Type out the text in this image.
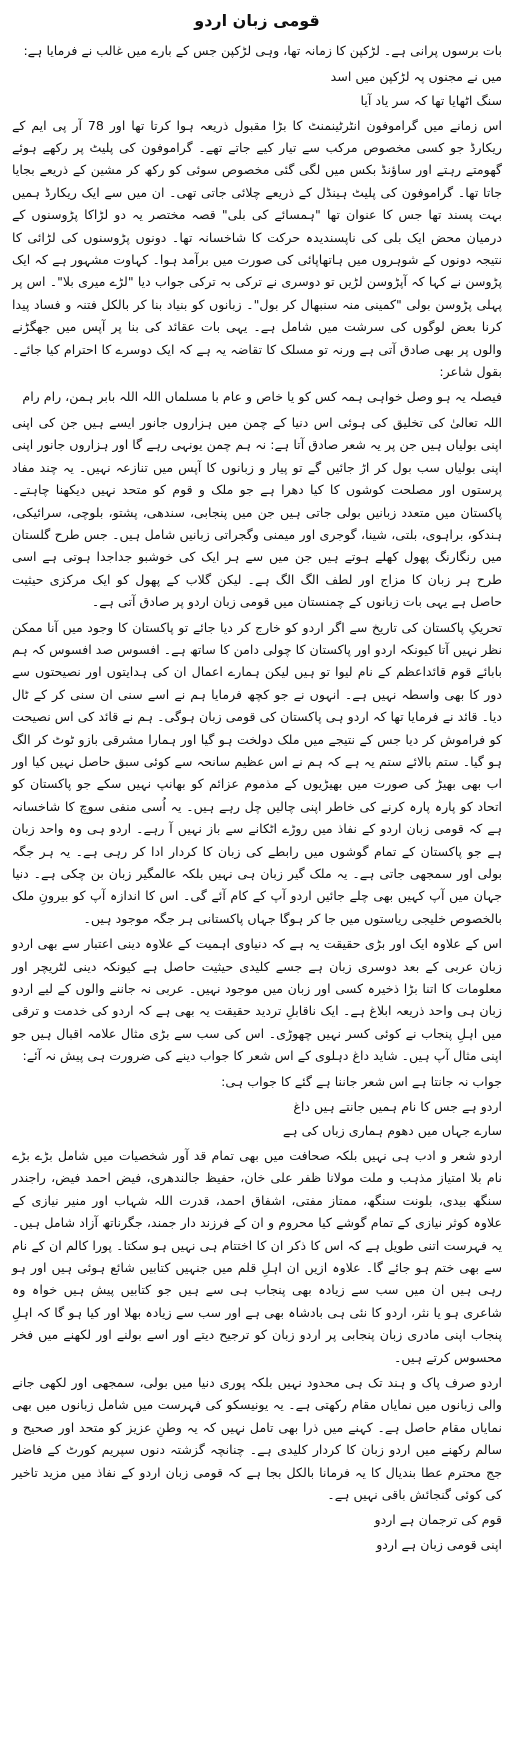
قومی زبان اردو

بات برسوں پرانی ہے۔ لڑکپن کا زمانہ تھا، وہی لڑکپن جس کے بارے میں غالب نے فرمایا ہے:

میں نے مجنوں پہ لڑکپن میں اسد
سنگ اٹھایا تھا کہ سر یاد آیا

اس زمانے میں گراموفون انٹرٹینمنٹ کا بڑا مقبول ذریعہ ہوا کرتا تھا اور 78 آر پی ایم کے ریکارڈ جو کسی مخصوص مرکب سے تیار کیے جاتے تھے۔ گراموفون کی پلیٹ پر رکھے ہوئے گھومتے رہتے اور ساؤنڈ بکس میں لگی گئی مخصوص سوئی کو رکھ کر مشین کے ذریعے بجایا جاتا تھا۔ گراموفون کی پلیٹ ہینڈل کے ذریعے چلائی جاتی تھی۔ ان میں سے ایک ریکارڈ ہمیں بہت پسند تھا جس کا عنوان تھا "ہمسائے کی بلی" قصہ مختصر یہ دو لڑاکا پڑوسنوں کے درمیان محض ایک بلی کی ناپسندیدہ حرکت کا شاخسانہ تھا۔ دونوں پڑوسنوں کی لڑائی کا نتیجہ دونوں کے شوہروں میں ہاتھاپائی کی صورت میں برآمد ہوا۔ کہاوت مشہور ہے کہ ایک پڑوسن نے کہا کہ آپڑوسن لڑیں تو دوسری نے ترکی بہ ترکی جواب دیا "لڑے میری بلا"۔ اس پر پہلی پڑوسن بولی "کمینی منہ سنبھال کر بول"۔ زبانوں کو بنیاد بنا کر بالکل فتنہ و فساد پیدا کرنا بعض لوگوں کی سرشت میں شامل ہے۔ یہی بات عقائد کی بنا پر آپس میں جھگڑنے والوں پر بھی صادق آتی ہے ورنہ تو مسلک کا تقاضہ یہ ہے کہ ایک دوسرے کا احترام کیا جائے۔ بقول شاعر:

فیصلہ یہ ہو وصل خواہی ہمہ کس کو یا خاص و عام با مسلماں اللہ اللہ بابر ہمن، رام رام

اللہ تعالیٰ کی تخلیق کی ہوئی اس دنیا کے چمن میں ہزاروں جانور ایسے ہیں جن کی اپنی اپنی بولیاں ہیں جن پر یہ شعر صادق آتا ہے: نہ ہم چمن یونہی رہے گا اور ہزاروں جانور اپنی اپنی بولیاں سب بول کر اڑ جائیں گے تو پیار و زبانوں کا آپس میں تنازعہ نہیں۔ یہ چند مفاد پرستوں اور مصلحت کوشوں کا کیا دھرا ہے جو ملک و قوم کو متحد نہیں دیکھنا چاہتے۔ پاکستان میں متعدد زبانیں بولی جاتی ہیں جن میں پنجابی، سندھی، پشتو، بلوچی، سرائیکی، ہندکو، براہوی، بلتی، شینا، گوجری اور میمنی وگجراتی زبانیں شامل ہیں۔ جس طرح گلستان میں رنگارنگ پھول کھلے ہوتے ہیں جن میں سے ہر ایک کی خوشبو جداجدا ہوتی ہے اسی طرح ہر زبان کا مزاج اور لطف الگ الگ ہے۔ لیکن گلاب کے پھول کو ایک مرکزی حیثیت حاصل ہے یہی بات زبانوں کے چمنستان میں قومی زبان اردو پر صادق آتی ہے۔

تحریکِ پاکستان کی تاریخ سے اگر اردو کو خارج کر دیا جائے تو پاکستان کا وجود میں آنا ممکن نظر نہیں آتا کیونکہ اردو اور پاکستان کا چولی دامن کا ساتھ ہے۔ افسوس صد افسوس کہ ہم بابائے قوم قائداعظم کے نام لیوا تو ہیں لیکن ہمارے اعمال ان کی ہدایتوں اور نصیحتوں سے دور کا بھی واسطہ نہیں ہے۔ انہوں نے جو کچھ فرمایا ہم نے اسے سنی ان سنی کر کے ٹال دیا۔ قائد نے فرمایا تھا کہ اردو ہی پاکستان کی قومی زبان ہوگی۔ ہم نے قائد کی اس نصیحت کو فراموش کر دیا جس کے نتیجے میں ملک دولخت ہو گیا اور ہمارا مشرقی بازو ٹوٹ کر الگ ہو گیا۔ ستم بالائے ستم یہ ہے کہ ہم نے اس عظیم سانحہ سے کوئی سبق حاصل نہیں کیا اور اب بھی بھیڑ کی صورت میں بھیڑیوں کے مذموم عزائم کو بھانپ نہیں سکے جو پاکستان کو اتحاد کو پارہ پارہ کرنے کی خاطر اپنی چالیں چل رہے ہیں۔ یہ اُسی منفی سوچ کا شاخسانہ ہے کہ قومی زبان اردو کے نفاذ میں روڑے اٹکانے سے باز نہیں آ رہے۔ اردو ہی وہ واحد زبان ہے جو پاکستان کے تمام گوشوں میں رابطے کی زبان کا کردار ادا کر رہی ہے۔ یہ ہر جگہ بولی اور سمجھی جاتی ہے۔ یہ ملک گیر زبان ہی نہیں بلکہ عالمگیر زبان بن چکی ہے۔ دنیا جہان میں آپ کہیں بھی چلے جائیں اردو آپ کے کام آئے گی۔ اس کا اندازہ آپ کو بیرونِ ملک بالخصوص خلیجی ریاستوں میں جا کر ہوگا جہاں پاکستانی ہر جگہ موجود ہیں۔

اس کے علاوہ ایک اور بڑی حقیقت یہ ہے کہ دنیاوی اہمیت کے علاوہ دینی اعتبار سے بھی اردو زبان عربی کے بعد دوسری زبان ہے جسے کلیدی حیثیت حاصل ہے کیونکہ دینی لٹریچر اور معلومات کا اتنا بڑا ذخیرہ کسی اور زبان میں موجود نہیں۔ عربی نہ جاننے والوں کے لیے اردو زبان ہی واحد ذریعہ ابلاغ ہے۔ ایک ناقابلِ تردید حقیقت یہ بھی ہے کہ اردو کی خدمت و ترقی میں اہلِ پنجاب نے کوئی کسر نہیں چھوڑی۔ اس کی سب سے بڑی مثال علامہ اقبال ہیں جو اپنی مثال آپ ہیں۔ شاید داغ دہلوی کے اس شعر کا جواب دینے کی ضرورت ہی پیش نہ آئے:

جواب نہ جانتا ہے اس شعر جاننا ہے گئے کا جواب ہی:

اردو ہے جس کا نام ہمیں جانتے ہیں داغ
سارے جہاں میں دھوم ہماری زباں کی ہے

اردو شعر و ادب ہی نہیں بلکہ صحافت میں بھی تمام قد آور شخصیات میں شامل بڑے بڑے نام بلا امتیاز مذہب و ملت مولانا ظفر علی خان، حفیظ جالندھری، فیض احمد فیض، راجندر سنگھ بیدی، بلونت سنگھ، ممتاز مفتی، اشفاق احمد، قدرت اللہ شہاب اور منیر نیازی کے علاوہ کوثر نیازی کے تمام گوشے کیا محروم و ان کے فرزند دار جمند، جگرناتھ آزاد شامل ہیں۔ یہ فہرست اتنی طویل ہے کہ اس کا ذکر ان کا اختتام ہی نہیں ہو سکتا۔ پورا کالم ان کے نام سے بھی ختم ہو جائے گا۔ علاوہ ازیں ان اہلِ قلم میں جنہیں کتابیں شائع ہوئی ہیں اور ہو رہی ہیں ان میں سب سے زیادہ بھی پنجاب ہی سے ہیں جو کتابیں پیش ہیں خواہ وہ شاعری ہو یا نثر، اردو کا نئی ہی بادشاہ بھی ہے اور سب سے زیادہ بھلا اور کیا ہو گا کہ اہلِ پنجاب اپنی مادری زبان پنجابی پر اردو زبان کو ترجیح دیتے اور اسے بولنے اور لکھنے میں فخر محسوس کرتے ہیں۔

اردو صرف پاک و ہند تک ہی محدود نہیں بلکہ پوری دنیا میں بولی، سمجھی اور لکھی جانے والی زبانوں میں نمایاں مقام رکھتی ہے۔ یہ یونیسکو کی فہرست میں شامل زبانوں میں بھی نمایاں مقام حاصل ہے۔ کہنے میں ذرا بھی تامل نہیں کہ یہ وطنِ عزیز کو متحد اور صحیح و سالم رکھنے میں اردو زبان کا کردار کلیدی ہے۔ چنانچہ گزشتہ دنوں سپریم کورٹ کے فاضل جج محترم عطا بندیال کا یہ فرمانا بالکل بجا ہے کہ قومی زبان اردو کے نفاذ میں مزید تاخیر کی کوئی گنجائش باقی نہیں ہے۔

قوم کی ترجمان ہے اردو
اپنی قومی زبان ہے اردو
